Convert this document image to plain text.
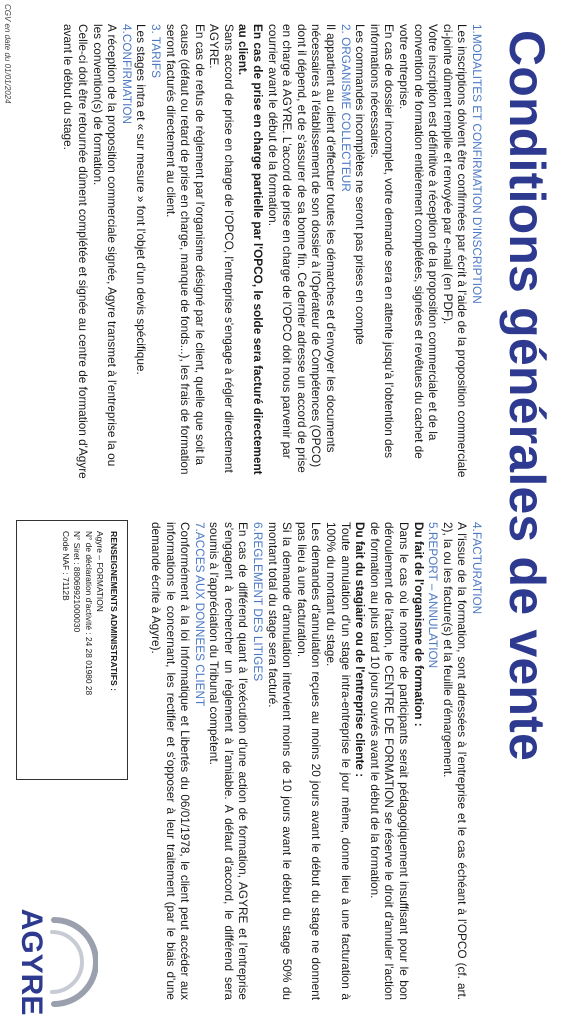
Conditions générales de vente

1.MODALITES ET CONFIRMATION D'INSCRIPTION

Les inscriptions doivent être confirmées par écrit à l'aide de la proposition commerciale ci-jointe dûment remplie et renvoyée par e-mail (en PDF).

Votre inscription est définitive à réception de la proposition commerciale et de la convention de formation entièrement complétées, signées et revêtues du cachet de votre entreprise.

En cas de dossier incomplet, votre demande sera en attente jusqu'à l'obtention des informations nécessaires.

Les commandes incomplètes ne seront pas prises en compte

2. ORGANISME COLLECTEUR

Il appartient au client d'effectuer toutes les démarches et d'envoyer les documents nécessaires à l'établissement de son dossier à l'Opérateur de Compétences (OPCO) dont il dépend, et de s'assurer de sa bonne fin. Ce dernier adresse un accord de prise en charge à AGYRE. L'accord de prise en charge de l'OPCO doit nous parvenir par courrier avant le début de la formation.

En cas de prise en charge partielle par l'OPCO, le solde sera facturé directement au client.

Sans accord de prise en charge de l'OPCO, l'entreprise s'engage à régler directement AGYRE.

En cas de refus de règlement par l'organisme désigné par le client, quelle que soit la cause (défaut ou retard de prise en charge, manque de fonds...), les frais de formation seront facturés directement au client.

3. TARIFS

Les stages intra et « sur mesure » font l'objet d'un devis spécifique.

4.CONFIRMATION

A réception de la proposition commerciale signée, Agyre transmet à l'entreprise la ou les convention(s) de formation.

Celle-ci doit être retournée dûment complétée et signée au centre de formation d'Agyre avant le début du stage.

4.FACTURATION

A l'issue de la formation, sont adressées à l'entreprise et le cas échéant à l'OPCO (cf. art. 2), la ou les facture(s) et la feuille d'émargement.

5.REPORT – ANNULATION

Du fait de l'organisme de formation :

Dans le cas où le nombre de participants serait pédagogiquement insuffisant pour le bon déroulement de l'action, le CENTRE DE FORMATION se réserve le droit d'annuler l'action de formation au plus tard 10 jours ouvrés avant le début de la formation.

Du fait du stagiaire ou de l'entreprise cliente :

Toute annulation d'un stage intra-entreprise le jour même, donne lieu à une facturation à 100% du montant du stage.

Les demandes d'annulation reçues au moins 20 jours avant le début du stage ne donnent pas lieu à une facturation.

Si la demande d'annulation intervient moins de 10 jours avant le début du stage 50% du montant total du stage sera facturé.

6.REGLEMENT DES LITIGES

En cas de différend quant à l'exécution d'une action de formation, AGYRE et l'entreprise s'engagent à rechercher un règlement à l'amiable. A défaut d'accord, le différend sera soumis à l'appréciation du Tribunal compétent.

7.ACCES AUX DONNEES CLIENT

Conformément à la loi Informatique et Libertés du 06/01/1978, le client peut accéder aux informations le concernant, les rectifier et s'opposer à leur traitement (par le biais d'une demande écrite à Agyre).

RENSEIGNEMENTS ADMINISTRATIFS :

Agyre – FORMATION

N° de déclaration d'activité : 24 28 01980 28

N° Siret : 88069921000030

Code NAF : 7112B

AGYRE
CGV en date du 01/01/2024
